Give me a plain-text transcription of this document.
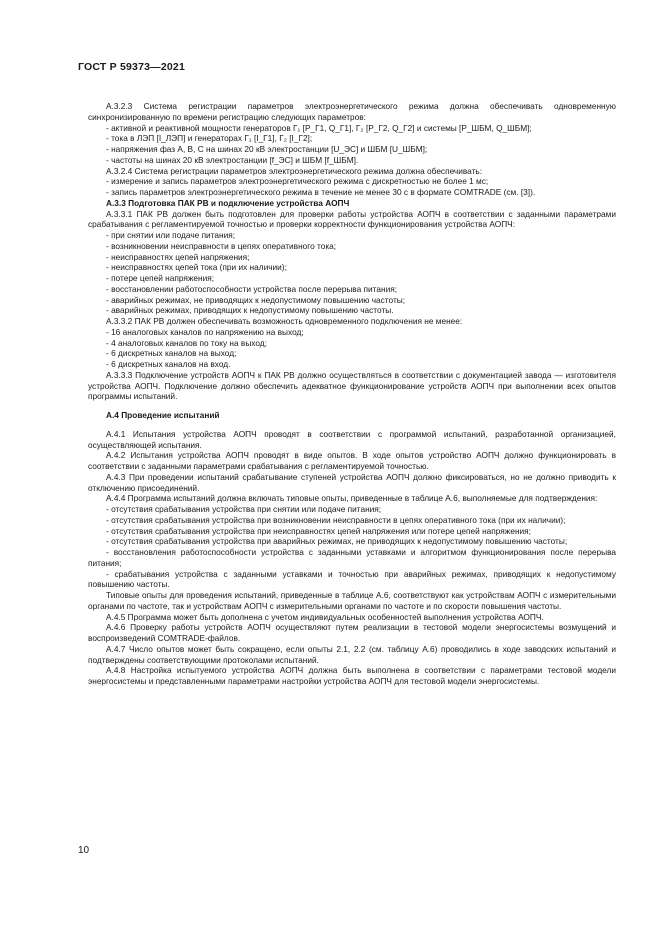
ГОСТ Р 59373—2021

А.3.2.3 Система регистрации параметров электроэнергетического режима должна обеспечивать одновременную синхронизированную по времени регистрацию следующих параметров:

- активной и реактивной мощности генераторов Г₁ [P_Г1, Q_Г1], Г₂ [P_Г2, Q_Г2] и системы [P_ШБМ, Q_ШБМ];

- тока в ЛЭП [I_ЛЭП] и генераторах Г₁ [I_Г1], Г₂ [I_Г2];

- напряжения фаз А, В, С на шинах 20 кВ электростанции [U_ЭС] и ШБМ [U_ШБМ];

- частоты на шинах 20 кВ электростанции [f_ЭС] и ШБМ [f_ШБМ].

А.3.2.4 Система регистрации параметров электроэнергетического режима должна обеспечивать:

- измерение и запись параметров электроэнергетического режима с дискретностью не более 1 мс;

- запись параметров электроэнергетического режима в течение не менее 30 с в формате COMTRADE (см. [3]).

А.3.3 Подготовка ПАК РВ и подключение устройства АОПЧ

А.3.3.1 ПАК РВ должен быть подготовлен для проверки работы устройства АОПЧ в соответствии с заданными параметрами срабатывания с регламентируемой точностью и проверки корректности функционирования устройства АОПЧ:

- при снятии или подаче питания;

- возникновении неисправности в цепях оперативного тока;

- неисправностях цепей напряжения;

- неисправностях цепей тока (при их наличии);

- потере цепей напряжения;

- восстановлении работоспособности устройства после перерыва питания;

- аварийных режимах, не приводящих к недопустимому повышению частоты;

- аварийных режимах, приводящих к недопустимому повышению частоты.

А.3.3.2 ПАК РВ должен обеспечивать возможность одновременного подключения не менее:

- 16 аналоговых каналов по напряжению на выход;

- 4 аналоговых каналов по току на выход;

- 6 дискретных каналов на выход;

- 6 дискретных каналов на вход.

А.3.3.3 Подключение устройств АОПЧ к ПАК РВ должно осуществляться в соответствии с документацией завода — изготовителя устройства АОПЧ. Подключение должно обеспечить адекватное функционирование устройств АОПЧ при выполнении всех опытов программы испытаний.

А.4 Проведение испытаний

А.4.1 Испытания устройства АОПЧ проводят в соответствии с программой испытаний, разработанной организацией, осуществляющей испытания.

А.4.2 Испытания устройства АОПЧ проводят в виде опытов. В ходе опытов устройство АОПЧ должно функционировать в соответствии с заданными параметрами срабатывания с регламентируемой точностью.

А.4.3 При проведении испытаний срабатывание ступеней устройства АОПЧ должно фиксироваться, но не должно приводить к отключению присоединений.

А.4.4 Программа испытаний должна включать типовые опыты, приведенные в таблице А.6, выполняемые для подтверждения:

- отсутствия срабатывания устройства при снятии или подаче питания;

- отсутствия срабатывания устройства при возникновении неисправности в цепях оперативного тока (при их наличии);

- отсутствия срабатывания устройства при неисправностях цепей напряжения или потере цепей напряжения;

- отсутствия срабатывания устройства при аварийных режимах, не приводящих к недопустимому повышению частоты;

- восстановления работоспособности устройства с заданными уставками и алгоритмом функционирования после перерыва питания;

- срабатывания устройства с заданными уставками и точностью при аварийных режимах, приводящих к недопустимому повышению частоты.

Типовые опыты для проведения испытаний, приведенные в таблице А.6, соответствуют как устройствам АОПЧ с измерительными органами по частоте, так и устройствам АОПЧ с измерительными органами по частоте и по скорости повышения частоты.

А.4.5 Программа может быть дополнена с учетом индивидуальных особенностей выполнения устройства АОПЧ.

А.4.6 Проверку работы устройств АОПЧ осуществляют путем реализации в тестовой модели энергосистемы возмущений и воспроизведений COMTRADE-файлов.

А.4.7 Число опытов может быть сокращено, если опыты 2.1, 2.2 (см. таблицу А.6) проводились в ходе заводских испытаний и подтверждены соответствующими протоколами испытаний.

А.4.8 Настройка испытуемого устройства АОПЧ должна быть выполнена в соответствии с параметрами тестовой модели энергосистемы и представленными параметрами настройки устройства АОПЧ для тестовой модели энергосистемы.

10
